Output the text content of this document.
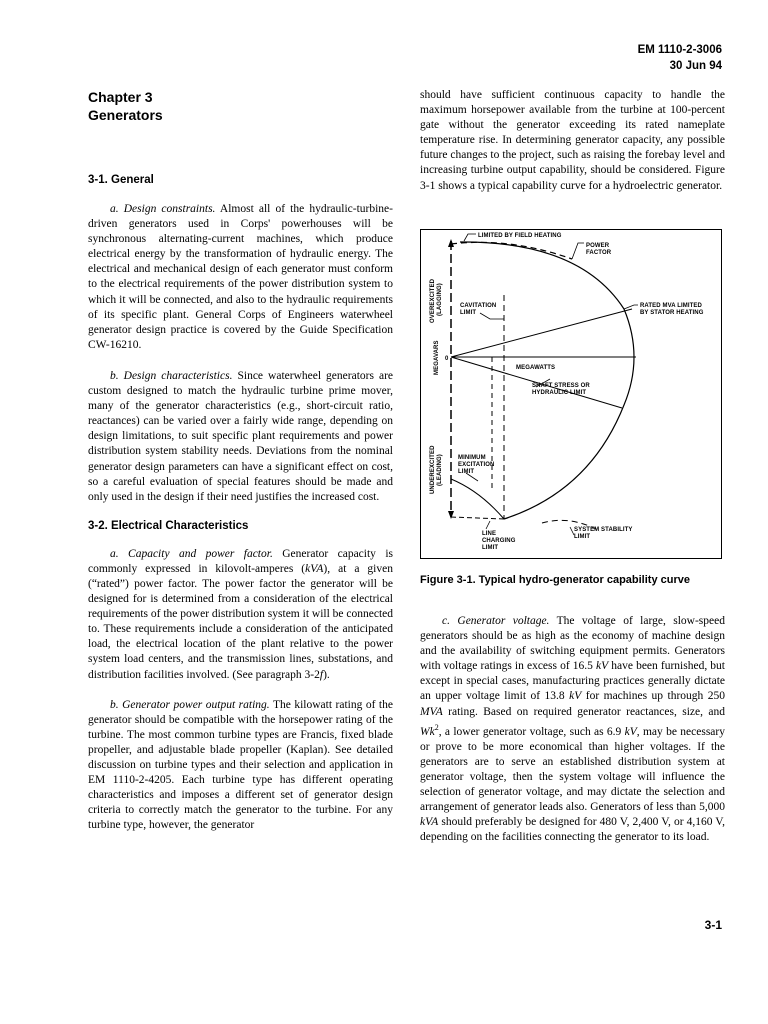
EM 1110-2-3006
30 Jun 94
Chapter 3
Generators
3-1. General

a. Design constraints. Almost all of the hydraulic-turbine-driven generators used in Corps' powerhouses will be synchronous alternating-current machines, which produce electrical energy by the transformation of hydraulic energy. The electrical and mechanical design of each generator must conform to the electrical requirements of the power distribution system to which it will be connected, and also to the hydraulic requirements of its specific plant. General Corps of Engineers waterwheel generator design practice is covered by the Guide Specification CW-16210.

b. Design characteristics. Since waterwheel generators are custom designed to match the hydraulic turbine prime mover, many of the generator characteristics (e.g., short-circuit ratio, reactances) can be varied over a fairly wide range, depending on design limitations, to suit specific plant requirements and power distribution system stability needs. Deviations from the nominal generator design parameters can have a significant effect on cost, so a careful evaluation of special features should be made and only used in the design if their need justifies the increased cost.

3-2. Electrical Characteristics

a. Capacity and power factor. Generator capacity is commonly expressed in kilovolt-amperes (kVA), at a given (“rated”) power factor. The power factor the generator will be designed for is determined from a consideration of the electrical requirements of the power distribution system it will be connected to. These requirements include a consideration of the anticipated load, the electrical location of the plant relative to the power system load centers, and the transmission lines, substations, and distribution facilities involved. (See paragraph 3-2f).

b. Generator power output rating. The kilowatt rating of the generator should be compatible with the horsepower rating of the turbine. The most common turbine types are Francis, fixed blade propeller, and adjustable blade propeller (Kaplan). See detailed discussion on turbine types and their selection and application in EM 1110-2-4205. Each turbine type has different operating characteristics and imposes a different set of generator design criteria to correctly match the generator to the turbine. For any turbine type, however, the generator

should have sufficient continuous capacity to handle the maximum horsepower available from the turbine at 100-percent gate without the generator exceeding its rated nameplate temperature rise. In determining generator capacity, any possible future changes to the project, such as raising the forebay level and increasing turbine output capability, should be considered. Figure 3-1 shows a typical capability curve for a hydroelectric generator.

LIMITED BY FIELD HEATING
POWER
FACTOR
RATED MVA LIMITED
BY STATOR HEATING
CAVITATION
LIMIT
MEGAWATTS
SHAFT STRESS OR
HYDRAULIC LIMIT
MINIMUM
EXCITATION
LIMIT
LINE
CHARGING
LIMIT
SYSTEM STABILITY
LIMIT
0
OVEREXCITED (LAGGING)
MEGAVARS
UNDEREXCITED (LEADING)
Figure 3-1. Typical hydro-generator capability curve

c. Generator voltage. The voltage of large, slow-speed generators should be as high as the economy of machine design and the availability of switching equipment permits. Generators with voltage ratings in excess of 16.5 kV have been furnished, but except in special cases, manufacturing practices generally dictate an upper voltage limit of 13.8 kV for machines up through 250 MVA rating. Based on required generator reactances, size, and Wk$^2$, a lower generator voltage, such as 6.9 kV, may be necessary or prove to be more economical than higher voltages. If the generators are to serve an established distribution system at generator voltage, then the system voltage will influence the selection of generator voltage, and may dictate the selection and arrangement of generator leads also. Generators of less than 5,000 kVA should preferably be designed for 480 V, 2,400 V, or 4,160 V, depending on the facilities connecting the generator to its load.

3-1
